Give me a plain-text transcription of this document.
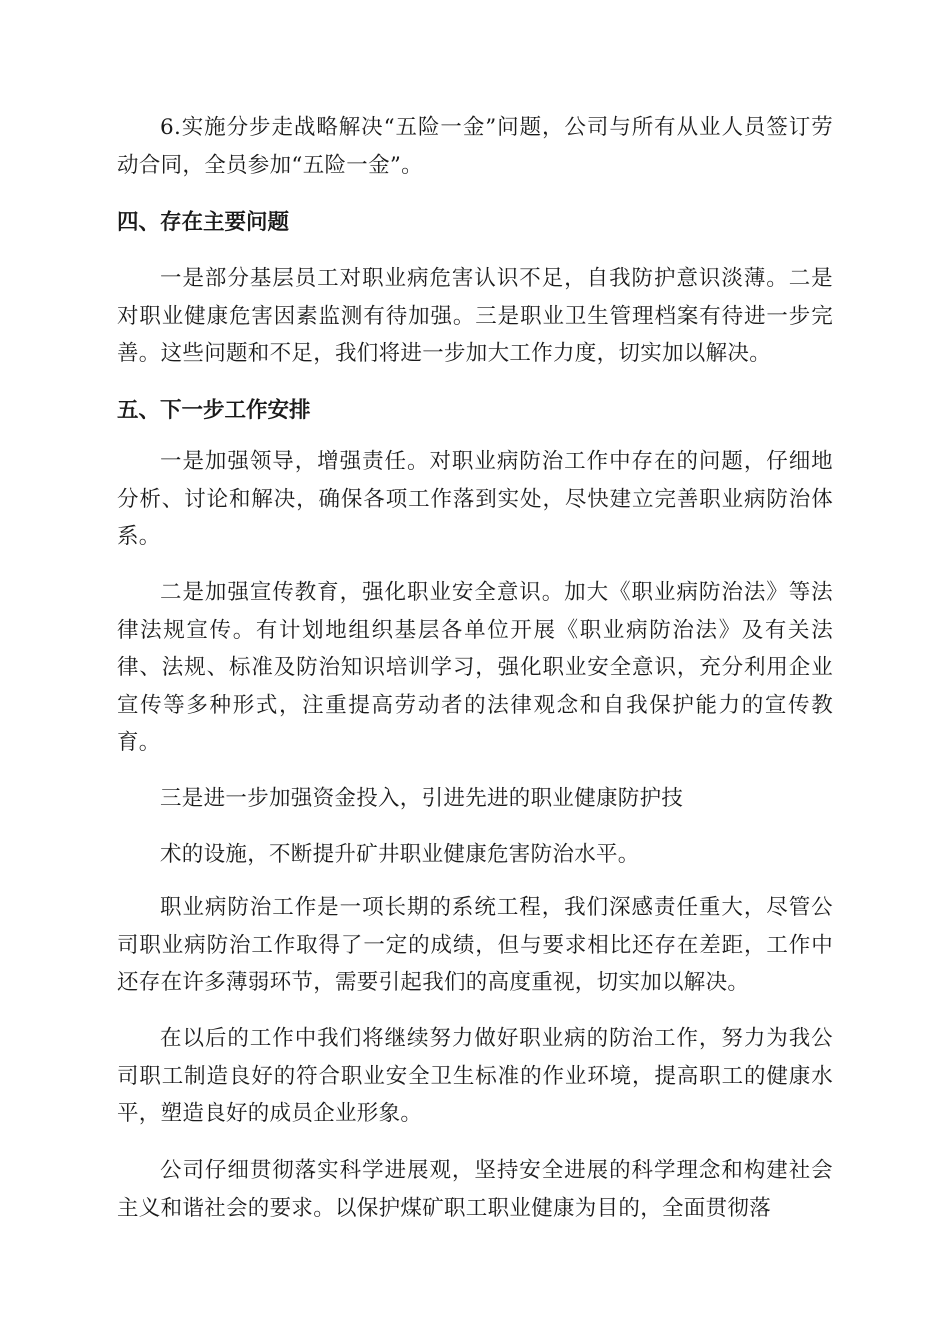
6.实施分步走战略解决“五险一金”问题，公司与所有从业人员签订劳动合同，全员参加“五险一金”。

四、存在主要问题

一是部分基层员工对职业病危害认识不足，自我防护意识淡薄。二是对职业健康危害因素监测有待加强。三是职业卫生管理档案有待进一步完善。这些问题和不足，我们将进一步加大工作力度，切实加以解决。

五、下一步工作安排

一是加强领导，增强责任。对职业病防治工作中存在的问题，仔细地分析、讨论和解决，确保各项工作落到实处，尽快建立完善职业病防治体系。

二是加强宣传教育，强化职业安全意识。加大《职业病防治法》等法律法规宣传。有计划地组织基层各单位开展《职业病防治法》及有关法律、法规、标准及防治知识培训学习，强化职业安全意识，充分利用企业宣传等多种形式，注重提高劳动者的法律观念和自我保护能力的宣传教育。

三是进一步加强资金投入，引进先进的职业健康防护技

术的设施，不断提升矿井职业健康危害防治水平。

职业病防治工作是一项长期的系统工程，我们深感责任重大，尽管公司职业病防治工作取得了一定的成绩，但与要求相比还存在差距，工作中还存在许多薄弱环节，需要引起我们的高度重视，切实加以解决。

在以后的工作中我们将继续努力做好职业病的防治工作，努力为我公司职工制造良好的符合职业安全卫生标准的作业环境，提高职工的健康水平，塑造良好的成员企业形象。

公司仔细贯彻落实科学进展观，坚持安全进展的科学理念和构建社会主义和谐社会的要求。以保护煤矿职工职业健康为目的，全面贯彻落
